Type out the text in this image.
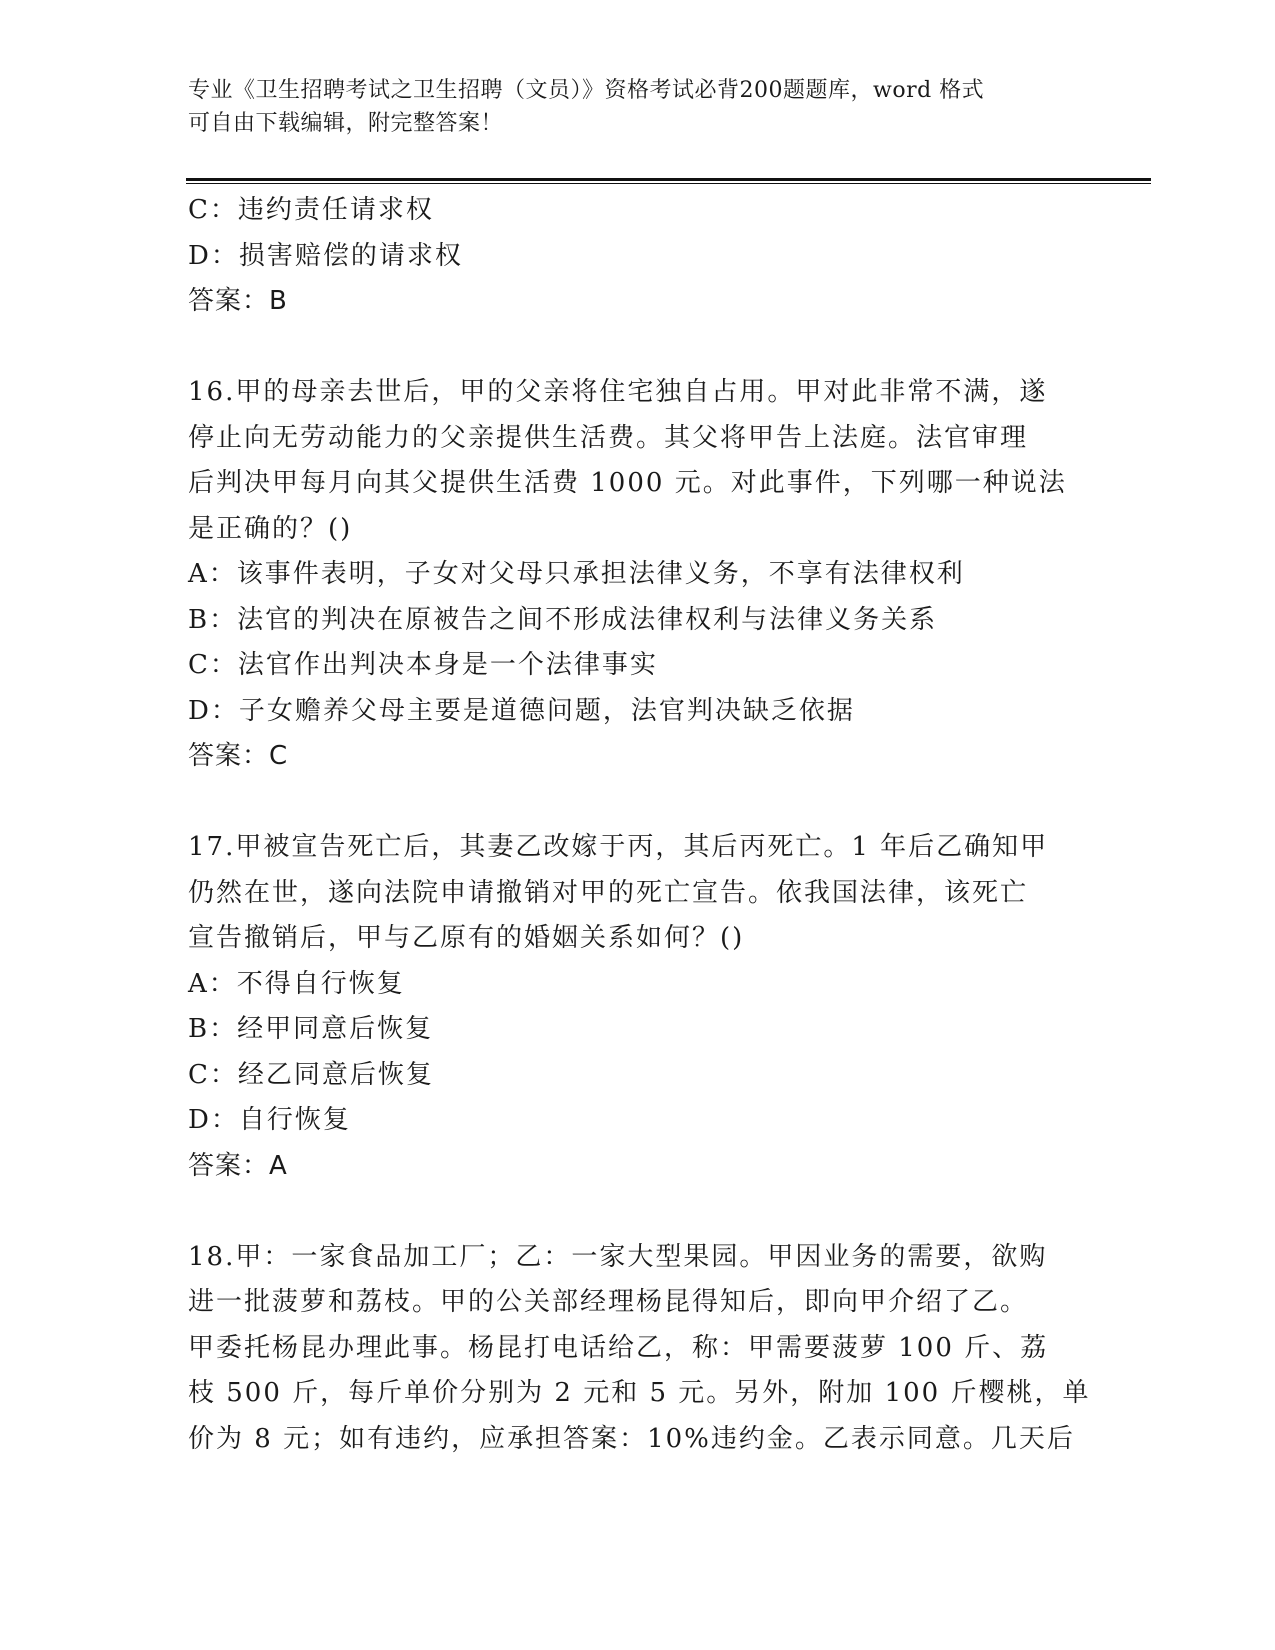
专业《卫生招聘考试之卫生招聘（文员）》资格考试必背200题题库，word 格式
可自由下载编辑，附完整答案！
C：违约责任请求权
D：损害赔偿的请求权
答案：B
16.甲的母亲去世后，甲的父亲将住宅独自占用。甲对此非常不满，遂
停止向无劳动能力的父亲提供生活费。其父将甲告上法庭。法官审理
后判决甲每月向其父提供生活费 1000 元。对此事件，下列哪一种说法
是正确的？()
A：该事件表明，子女对父母只承担法律义务，不享有法律权利
B：法官的判决在原被告之间不形成法律权利与法律义务关系
C：法官作出判决本身是一个法律事实
D：子女赡养父母主要是道德问题，法官判决缺乏依据
答案：C
17.甲被宣告死亡后，其妻乙改嫁于丙，其后丙死亡。1 年后乙确知甲
仍然在世，遂向法院申请撤销对甲的死亡宣告。依我国法律，该死亡
宣告撤销后，甲与乙原有的婚姻关系如何？()
A：不得自行恢复
B：经甲同意后恢复
C：经乙同意后恢复
D：自行恢复
答案：A
18.甲：一家食品加工厂；乙：一家大型果园。甲因业务的需要，欲购
进一批菠萝和荔枝。甲的公关部经理杨昆得知后，即向甲介绍了乙。
甲委托杨昆办理此事。杨昆打电话给乙，称：甲需要菠萝 100 斤、荔
枝 500 斤，每斤单价分别为 2 元和 5 元。另外，附加 100 斤樱桃，单
价为 8 元；如有违约，应承担答案：10%违约金。乙表示同意。几天后
